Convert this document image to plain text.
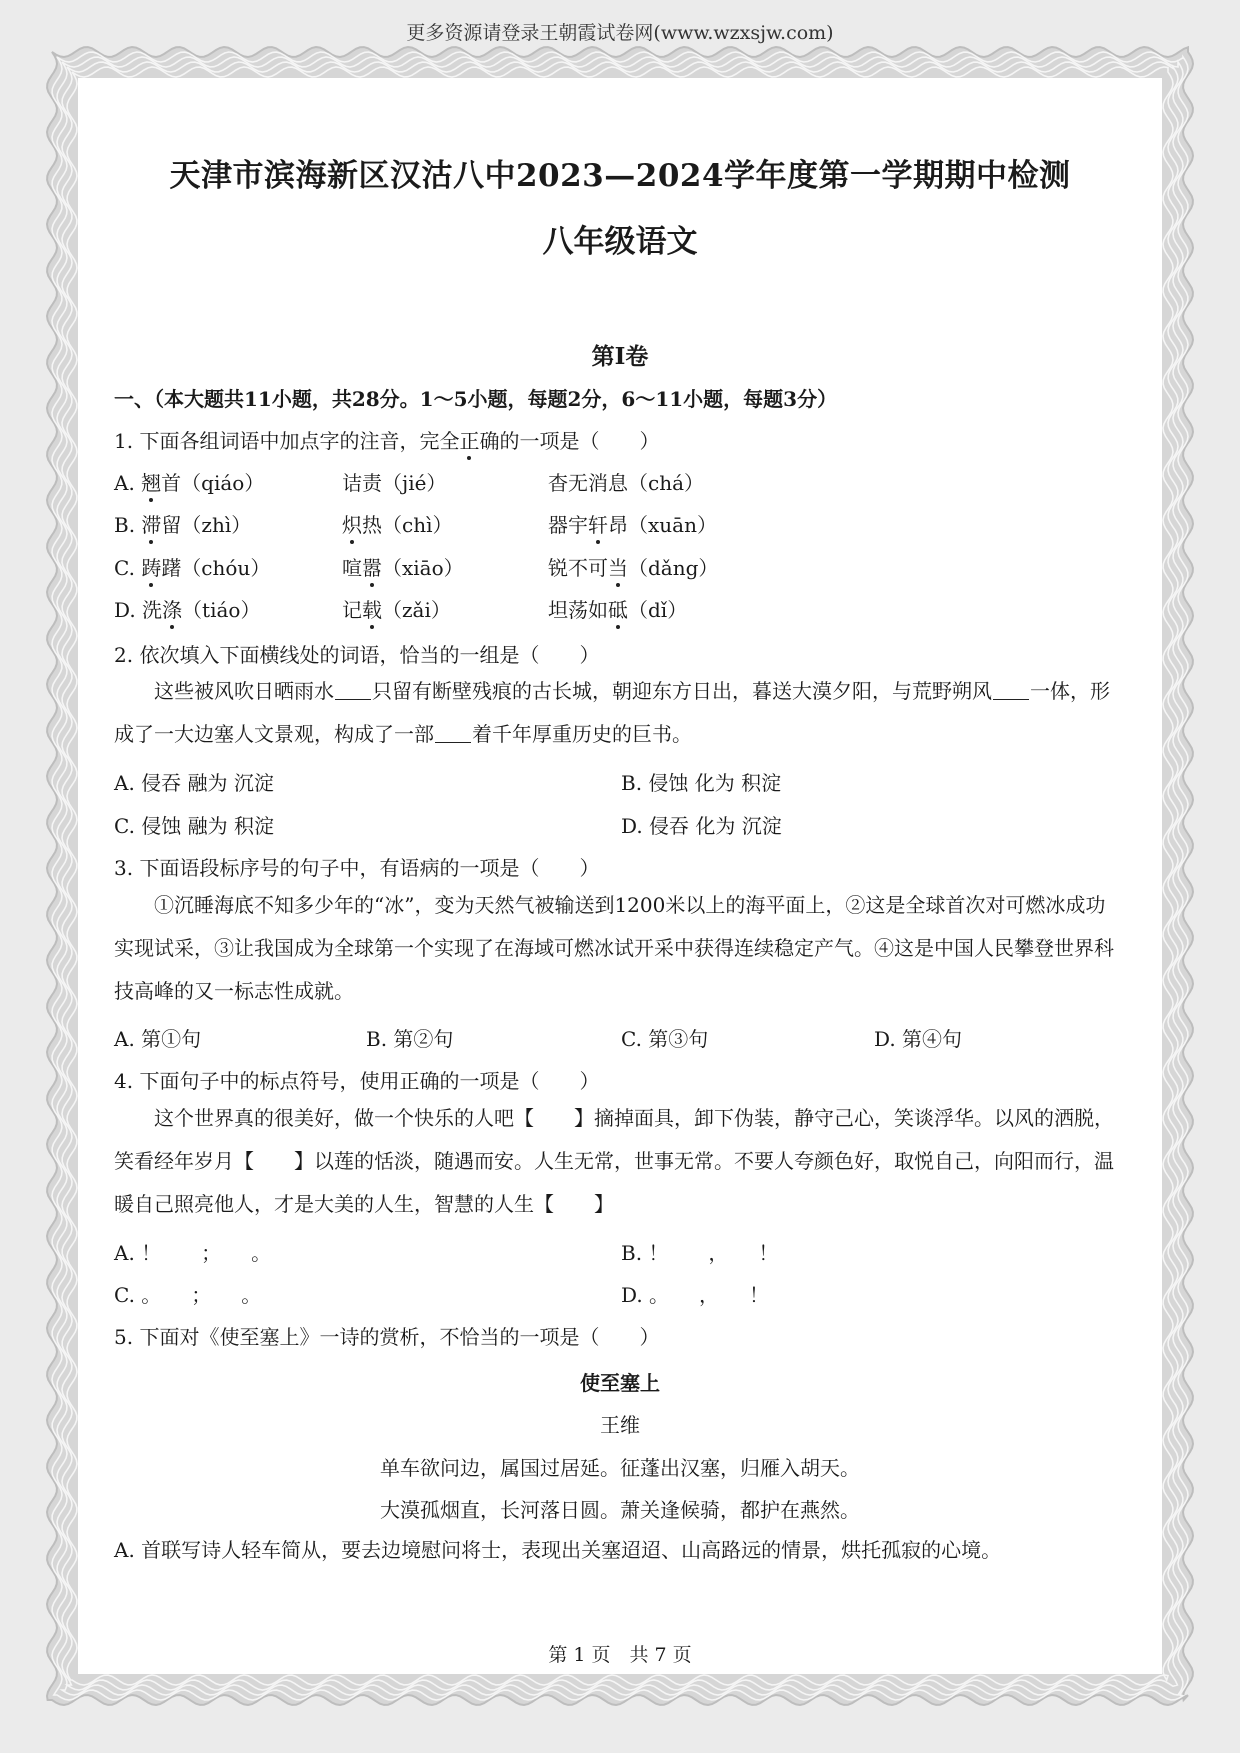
更多资源请登录王朝霞试卷网(www.wzxsjw.com)
天津市滨海新区汉沽八中2023—2024学年度第一学期期中检测
八年级语文
第Ⅰ卷
一、（本大题共11小题，共28分。1～5小题，每题2分，6～11小题，每题3分）
1. 下面各组词语中加点字的注音，完全正确的一项是（　　）
2. 依次填入下面横线处的词语，恰当的一组是（　　）
这些被风吹日晒雨水 只留有断壁残痕的古长城，朝迎东方日出，暮送大漠夕阳，与荒野朔风 一体，形成了一大边塞人文景观，构成了一部 着千年厚重历史的巨书。
A. 侵吞 融为 沉淀	B. 侵蚀 化为 积淀
C. 侵蚀 融为 积淀	D. 侵吞 化为 沉淀
3. 下面语段标序号的句子中，有语病的一项是（　　）
①沉睡海底不知多少年的“冰”，变为天然气被输送到1200米以上的海平面上，②这是全球首次对可燃冰成功实现试采，③让我国成为全球第一个实现了在海域可燃冰试开采中获得连续稳定产气。④这是中国人民攀登世界科技高峰的又一标志性成就。
A. 第①句	B. 第②句	C. 第③句	D. 第④句
4. 下面句子中的标点符号，使用正确的一项是（　　）
这个世界真的很美好，做一个快乐的人吧【　　】摘掉面具，卸下伪装，静守己心，笑谈浮华。以风的洒脱，笑看经年岁月【　　】以莲的恬淡，随遇而安。人生无常，世事无常。不要人夸颜色好，取悦自己，向阳而行，温暖自己照亮他人，才是大美的人生，智慧的人生【　　】
A. ！　　；　　。	B. ！　　，　　！
C. 。　　；　　。	D. 。　　，　　！
5. 下面对《使至塞上》一诗的赏析，不恰当的一项是（　　）
使至塞上
王维
单车欲问边，属国过居延。征蓬出汉塞，归雁入胡天。
大漠孤烟直，长河落日圆。萧关逢候骑，都护在燕然。
A. 首联写诗人轻车简从，要去边境慰问将士，表现出关塞迢迢、山高路远的情景，烘托孤寂的心境。
第 1 页　共 7 页
A. 翘首（qiáo）	诘责（jié）	杳无消息（chá）
B. 滞留（zhì）	炽热（chì）	器宇轩昂（xuān）
C. 踌躇（chóu）	喧嚣（xiāo）	锐不可当（dǎng）
D. 洗涤（tiáo）	记载（zǎi）	坦荡如砥（dǐ）
